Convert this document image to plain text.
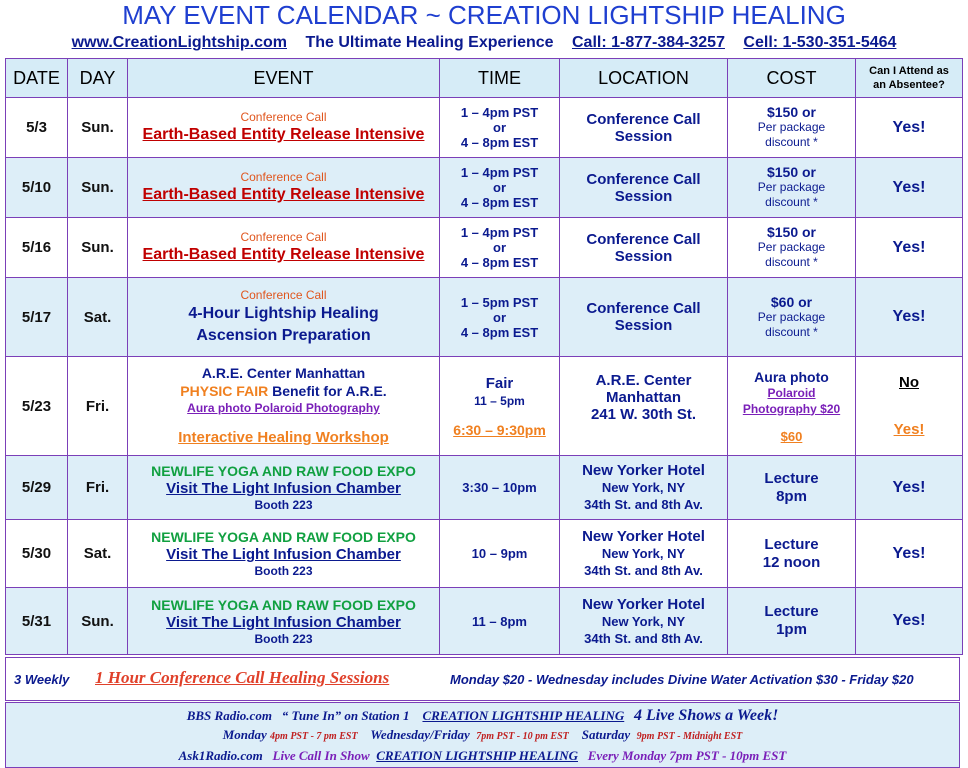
MAY EVENT CALENDAR ~ CREATION LIGHTSHIP HEALING
www.CreationLightship.com The Ultimate Healing Experience Call: 1-877-384-3257 Cell: 1-530-351-5464
DATE	DAY	EVENT	TIME	LOCATION	COST	Can I Attend as
an Absentee?
5/3	Sun.	Conference Call
Earth-Based Entity Release Intensive	1 – 4pm PST
or
4 – 8pm EST	Conference Call
Session	$150 or
Per package
discount *	Yes!
5/10	Sun.	Conference Call
Earth-Based Entity Release Intensive	1 – 4pm PST
or
4 – 8pm EST	Conference Call
Session	$150 or
Per package
discount *	Yes!
5/16	Sun.	Conference Call
Earth-Based Entity Release Intensive	1 – 4pm PST
or
4 – 8pm EST	Conference Call
Session	$150 or
Per package
discount *	Yes!
5/17	Sat.	Conference Call
4-Hour Lightship Healing
Ascension Preparation	1 – 5pm PST
or
4 – 8pm EST	Conference Call
Session	$60 or
Per package
discount *	Yes!
5/23	Fri.	A.R.E. Center Manhattan
PHYSIC FAIR Benefit for A.R.E.
Aura photo Polaroid Photography
Interactive Healing Workshop	Fair
11 – 5pm
6:30 – 9:30pm	A.R.E. Center
Manhattan
241 W. 30th St.	Aura photo
Polaroid
Photography $20
$60	No
Yes!

5/29	Fri.	NEWLIFE YOGA AND RAW FOOD EXPO
Visit The Light Infusion Chamber
Booth 223	3:30 – 10pm	New Yorker Hotel
New York, NY
34th St. and 8th Av.	Lecture
8pm	Yes!
5/30	Sat.	NEWLIFE YOGA AND RAW FOOD EXPO
Visit The Light Infusion Chamber
Booth 223	10 – 9pm	New Yorker Hotel
New York, NY
34th St. and 8th Av.	Lecture
12 noon	Yes!
5/31	Sun.	NEWLIFE YOGA AND RAW FOOD EXPO
Visit The Light Infusion Chamber
Booth 223	11 – 8pm	New Yorker Hotel
New York, NY
34th St. and 8th Av.	Lecture
1pm	Yes!
3 Weekly 1 Hour Conference Call Healing Sessions	Monday $20 - Wednesday includes Divine Water Activation $30 - Friday $20
BBS Radio.com “ Tune In” on Station 1 CREATION LIGHTSHIP HEALING 4 Live Shows a Week!
Monday 4pm PST - 7 pm EST Wednesday/Friday 7pm PST - 10 pm EST Saturday 9pm PST - Midnight EST
Ask1Radio.com Live Call In Show CREATION LIGHTSHIP HEALING Every Monday 7pm PST - 10pm EST
